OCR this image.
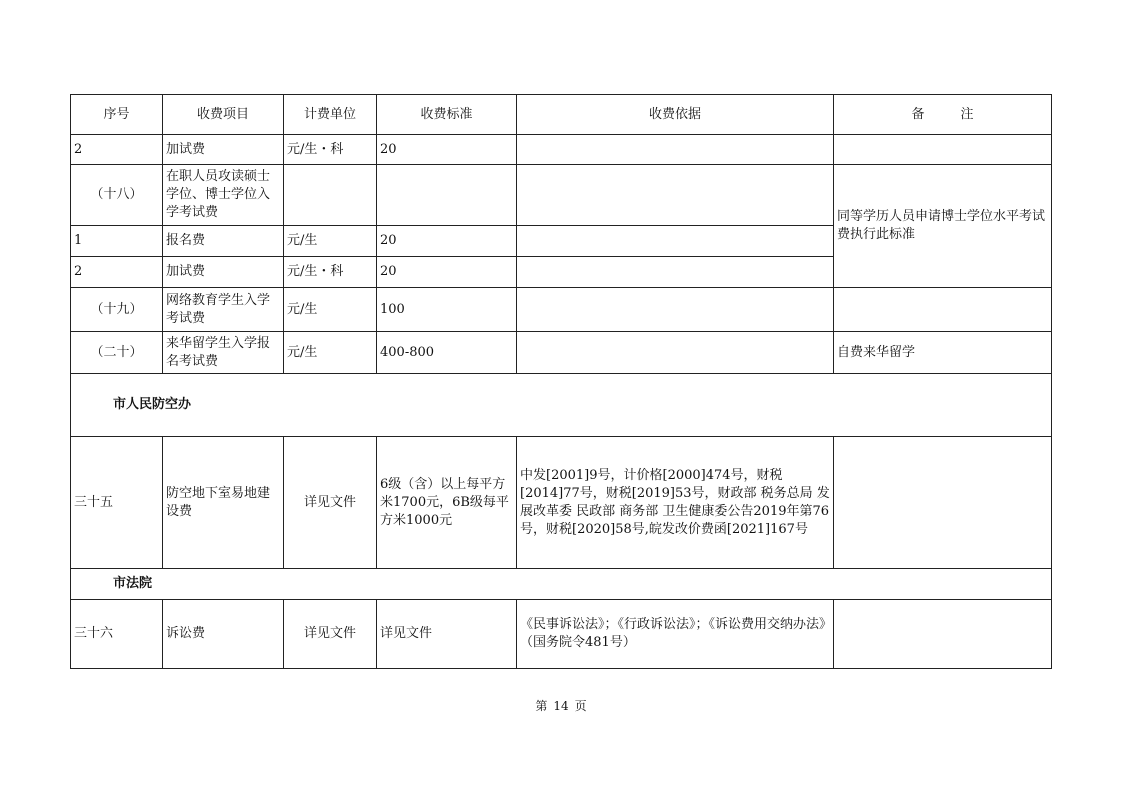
序号	收费项目	计费单位	收费标准	收费依据	备 注
2	加试费	元/生・科	20		
（十八）	在职人员攻读硕士学位、博士学位入学考试费				同等学历人员申请博士学位水平考试费执行此标准
1	报名费	元/生	20		
2	加试费	元/生・科	20		
（十九）	网络教育学生入学考试费	元/生	100		
（二十）	来华留学生入学报名考试费	元/生	400-800		自费来华留学
市人民防空办					
三十五	防空地下室易地建设费	详见文件	6级（含）以上每平方米1700元，6B级每平方米1000元	中发[2001]9号，计价格[2000]474号，财税[2014]77号，财税[2019]53号，财政部 税务总局 发展改革委 民政部 商务部 卫生健康委公告2019年第76号，财税[2020]58号,皖发改价费函[2021]167号	
市法院					
三十六	诉讼费	详见文件	详见文件	《民事诉讼法》；《行政诉讼法》；《诉讼费用交纳办法》（国务院令481号）	
第 14 页
